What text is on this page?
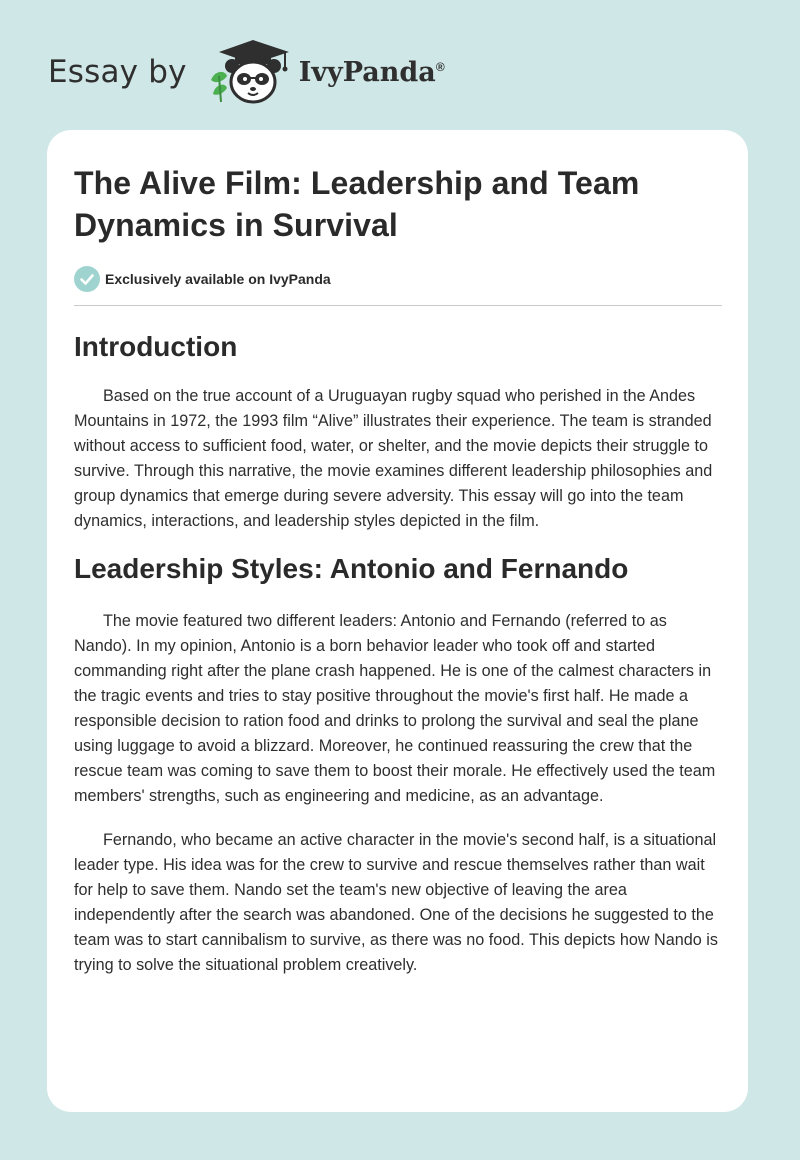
Essay by	IvyPanda®
The Alive Film: Leadership and Team Dynamics in Survival
Exclusively available on IvyPanda
Introduction

Based on the true account of a Uruguayan rugby squad who perished in the Andes Mountains in 1972, the 1993 film “Alive” illustrates their experience. The team is stranded without access to sufficient food, water, or shelter, and the movie depicts their struggle to survive. Through this narrative, the movie examines different leadership philosophies and group dynamics that emerge during severe adversity. This essay will go into the team dynamics, interactions, and leadership styles depicted in the film.

Leadership Styles: Antonio and Fernando

The movie featured two different leaders: Antonio and Fernando (referred to as Nando). In my opinion, Antonio is a born behavior leader who took off and started commanding right after the plane crash happened. He is one of the calmest characters in the tragic events and tries to stay positive throughout the movie's first half. He made a responsible decision to ration food and drinks to prolong the survival and seal the plane using luggage to avoid a blizzard. Moreover, he continued reassuring the crew that the rescue team was coming to save them to boost their morale. He effectively used the team members' strengths, such as engineering and medicine, as an advantage.

Fernando, who became an active character in the movie's second half, is a situational leader type. His idea was for the crew to survive and rescue themselves rather than wait for help to save them. Nando set the team's new objective of leaving the area independently after the search was abandoned. One of the decisions he suggested to the team was to start cannibalism to survive, as there was no food. This depicts how Nando is trying to solve the situational problem creatively.
